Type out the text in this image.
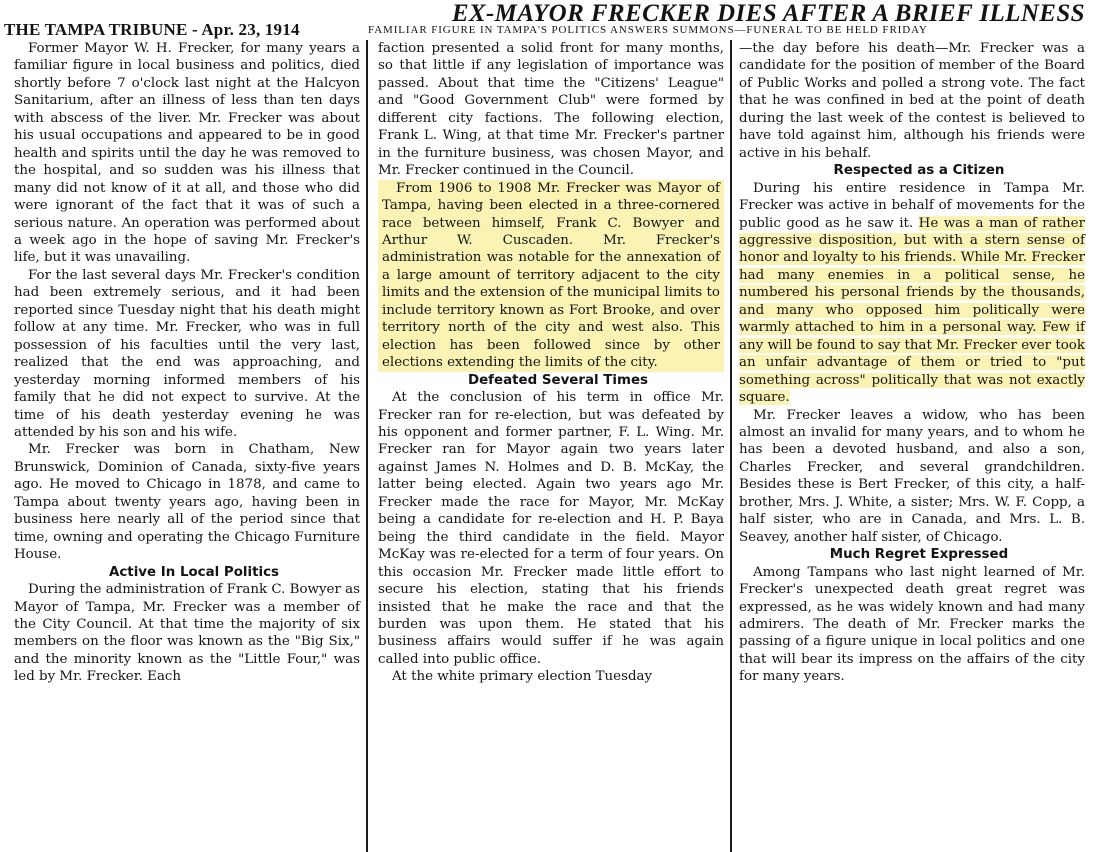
THE TAMPA TRIBUNE - Apr. 23, 1914
EX-MAYOR FRECKER DIES AFTER A BRIEF ILLNESS
FAMILIAR FIGURE IN TAMPA'S POLITICS ANSWERS SUMMONS—FUNERAL TO BE HELD FRIDAY

Former Mayor W. H. Frecker, for many years a familiar figure in local business and politics, died shortly before 7 o'clock last night at the Halcyon Sanitarium, after an illness of less than ten days with abscess of the liver. Mr. Frecker was about his usual occupations and appeared to be in good health and spirits until the day he was removed to the hospital, and so sudden was his illness that many did not know of it at all, and those who did were ignorant of the fact that it was of such a serious nature. An operation was performed about a week ago in the hope of saving Mr. Frecker's life, but it was unavailing.

For the last several days Mr. Frecker's condition had been extremely serious, and it had been reported since Tuesday night that his death might follow at any time. Mr. Frecker, who was in full possession of his faculties until the very last, realized that the end was approaching, and yesterday morning informed members of his family that he did not expect to survive. At the time of his death yesterday evening he was attended by his son and his wife.

Mr. Frecker was born in Chatham, New Brunswick, Dominion of Canada, sixty-five years ago. He moved to Chicago in 1878, and came to Tampa about twenty years ago, having been in business here nearly all of the period since that time, owning and operating the Chicago Furniture House.

Active In Local Politics

During the administration of Frank C. Bowyer as Mayor of Tampa, Mr. Frecker was a member of the City Council. At that time the majority of six members on the floor was known as the "Big Six," and the minority known as the "Little Four," was led by Mr. Frecker. Each

faction presented a solid front for many months, so that little if any legislation of importance was passed. About that time the "Citizens' League" and "Good Government Club" were formed by different city factions. The following election, Frank L. Wing, at that time Mr. Frecker's partner in the furniture business, was chosen Mayor, and Mr. Frecker continued in the Council.

From 1906 to 1908 Mr. Frecker was Mayor of Tampa, having been elected in a three-cornered race between himself, Frank C. Bowyer and Arthur W. Cuscaden. Mr. Frecker's administration was notable for the annexation of a large amount of territory adjacent to the city limits and the extension of the municipal limits to include territory known as Fort Brooke, and over territory north of the city and west also. This election has been followed since by other elections extending the limits of the city.

Defeated Several Times

At the conclusion of his term in office Mr. Frecker ran for re-election, but was defeated by his opponent and former partner, F. L. Wing. Mr. Frecker ran for Mayor again two years later against James N. Holmes and D. B. McKay, the latter being elected. Again two years ago Mr. Frecker made the race for Mayor, Mr. McKay being a candidate for re-election and H. P. Baya being the third candidate in the field. Mayor McKay was re-elected for a term of four years. On this occasion Mr. Frecker made little effort to secure his election, stating that his friends insisted that he make the race and that the burden was upon them. He stated that his business affairs would suffer if he was again called into public office.

At the white primary election Tuesday

—the day before his death—Mr. Frecker was a candidate for the position of member of the Board of Public Works and polled a strong vote. The fact that he was confined in bed at the point of death during the last week of the contest is believed to have told against him, although his friends were active in his behalf.

Respected as a Citizen

During his entire residence in Tampa Mr. Frecker was active in behalf of movements for the public good as he saw it. He was a man of rather aggressive disposition, but with a stern sense of honor and loyalty to his friends. While Mr. Frecker had many enemies in a political sense, he numbered his personal friends by the thousands, and many who opposed him politically were warmly attached to him in a personal way. Few if any will be found to say that Mr. Frecker ever took an unfair advantage of them or tried to "put something across" politically that was not exactly square.

Mr. Frecker leaves a widow, who has been almost an invalid for many years, and to whom he has been a devoted husband, and also a son, Charles Frecker, and several grandchildren. Besides these is Bert Frecker, of this city, a half-brother, Mrs. J. White, a sister; Mrs. W. F. Copp, a half sister, who are in Canada, and Mrs. L. B. Seavey, another half sister, of Chicago.

Much Regret Expressed

Among Tampans who last night learned of Mr. Frecker's unexpected death great regret was expressed, as he was widely known and had many admirers. The death of Mr. Frecker marks the passing of a figure unique in local politics and one that will bear its impress on the affairs of the city for many years.
